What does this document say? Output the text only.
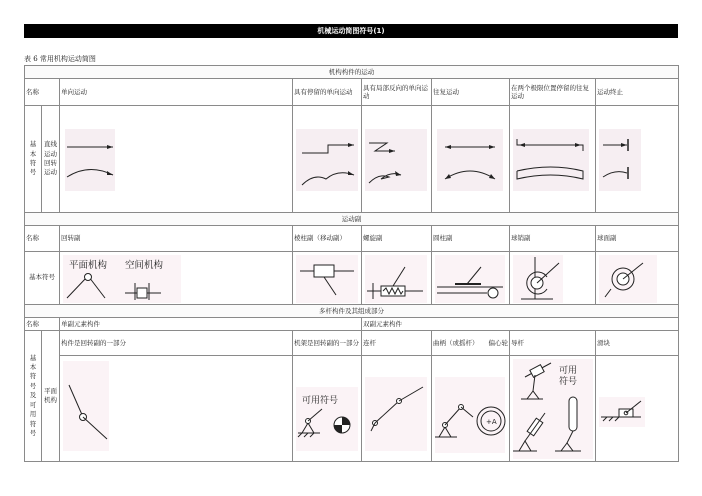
机械运动简图符号(1)
表 6 常用机构运动简图
机构构件的运动							
名称		单向运动	具有停留的单向运动	具有局部反向的单向运动	往复运动	在两个极限位置停留的往复运动	运动终止
基本符号	直线运动回转运动	

运动副							
名称		回转副	棱柱副（移动副）	螺旋副	圆柱副	球销副	球面副
基本符号		平面机构 空间机构

多杆构件及其组成部分							
名称		单副元素构件		双副元素构件			
基本符号及可用符号	平面机构	构件是回转副的一部分	机架是回转副的一部分	连杆	曲柄（或摇杆） 偏心轮	导杆	滑块

可用符号		+A	可用
符号
